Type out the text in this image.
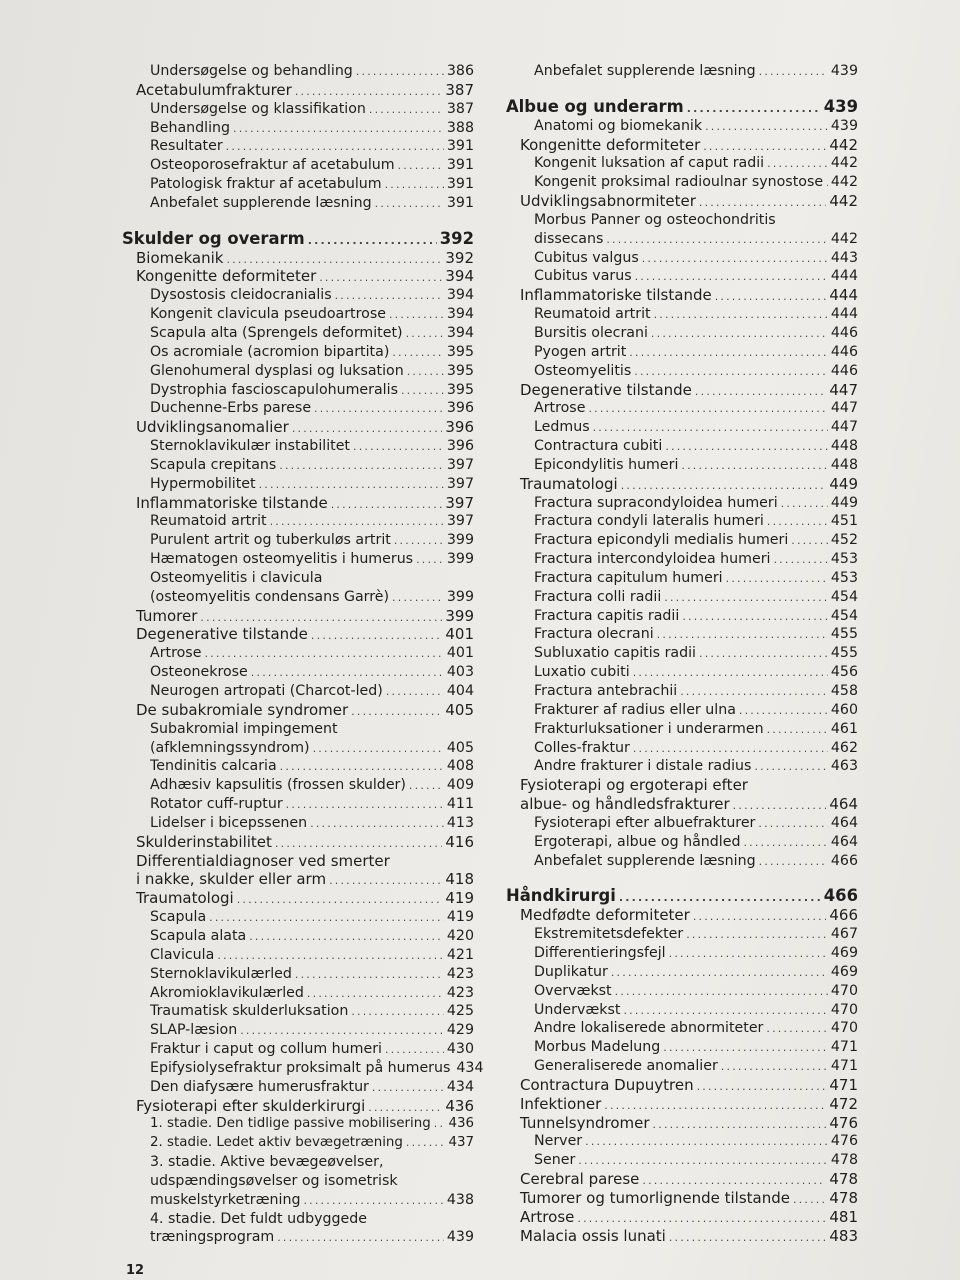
Undersøgelse og behandling .....	386
Acetabulumfrakturer .....	387
Undersøgelse og klassifikation .....	387
Behandling .....	388
Resultater .....	391
Osteoporosefraktur af acetabulum .....	391
Patologisk fraktur af acetabulum .....	391
Anbefalet supplerende læsning .....	391
Skulder og overarm .....	392
Biomekanik .....	392
Kongenitte deformiteter .....	394
Dysostosis cleidocranialis .....	394
Kongenit clavicula pseudoartrose .....	394
Scapula alta (Sprengels deformitet) .....	394
Os acromiale (acromion bipartita) .....	395
Glenohumeral dysplasi og luksation .....	395
Dystrophia fascioscapulohumeralis .....	395
Duchenne-Erbs parese .....	396
Udviklingsanomalier .....	396
Sternoklavikulær instabilitet .....	396
Scapula crepitans .....	397
Hypermobilitet .....	397
Inflammatoriske tilstande .....	397
Reumatoid artrit .....	397
Purulent artrit og tuberkuløs artrit .....	399
Hæmatogen osteomyelitis i humerus ..... 399
Osteomyelitis i clavicula
(osteomyelitis condensans Garrè) .....	399
Tumorer .....	399
Degenerative tilstande .....	401
Artrose .....	401
Osteonekrose .....	403
Neurogen artropati (Charcot-led) .....	404
De subakromiale syndromer .....	405
Subakromial impingement
(afklemningssyndrom) .....	405
Tendinitis calcaria .....	408
Adhæsiv kapsulitis (frossen skulder) .....	409
Rotator cuff-ruptur .....	411
Lidelser i bicepssenen .....	413
Skulderinstabilitet .....	416
Differentialdiagnoser ved smerter
i nakke, skulder eller arm .....	418
Traumatologi .....	419
Scapula .....	419
Scapula alata .....	420
Clavicula .....	421
Sternoklavikulærled .....	423
Akromioklavikulærled .....	423
Traumatisk skulderluksation .....	425
SLAP-læsion .....	429
Fraktur i caput og collum humeri .....	430
Epifysiolysefraktur proksimalt på humerus 434
Den diafysære humerusfraktur .....	434
Fysioterapi efter skulderkirurgi .....	436
1. stadie. Den tidlige passive mobilisering ..... 436
2. stadie. Ledet aktiv bevægetræning .....	437
3. stadie. Aktive bevægeøvelser,
udspændingsøvelser og isometrisk
muskelstyrketræning .....	438
4. stadie. Det fuldt udbyggede
træningsprogram .....	439
Anbefalet supplerende læsning .....	439
Albue og underarm .....	439
Anatomi og biomekanik .....	439
Kongenitte deformiteter .....	442
Kongenit luksation af caput radii .....	442
Kongenit proksimal radioulnar synostose ..... 442
Udviklingsabnormiteter .....	442
Morbus Panner og osteochondritis
dissecans .....	442
Cubitus valgus .....	443
Cubitus varus .....	444
Inflammatoriske tilstande .....	444
Reumatoid artrit .....	444
Bursitis olecrani .....	446
Pyogen artrit .....	446
Osteomyelitis .....	446
Degenerative tilstande .....	447
Artrose .....	447
Ledmus .....	447
Contractura cubiti .....	448
Epicondylitis humeri .....	448
Traumatologi .....	449
Fractura supracondyloidea humeri .....	449
Fractura condyli lateralis humeri .....	451
Fractura epicondyli medialis humeri .....	452
Fractura intercondyloidea humeri .....	453
Fractura capitulum humeri .....	453
Fractura colli radii .....	454
Fractura capitis radii .....	454
Fractura olecrani .....	455
Subluxatio capitis radii .....	455
Luxatio cubiti .....	456
Fractura antebrachii .....	458
Frakturer af radius eller ulna .....	460
Frakturluksationer i underarmen .....	461
Colles-fraktur .....	462
Andre frakturer i distale radius .....	463
Fysioterapi og ergoterapi efter
albue- og håndledsfrakturer .....	464
Fysioterapi efter albuefrakturer .....	464
Ergoterapi, albue og håndled .....	464
Anbefalet supplerende læsning .....	466
Håndkirurgi .....	466
Medfødte deformiteter .....	466
Ekstremitetsdefekter .....	467
Differentieringsfejl .....	469
Duplikatur .....	469
Overvækst .....	470
Undervækst .....	470
Andre lokaliserede abnormiteter .....	470
Morbus Madelung .....	471
Generaliserede anomalier .....	471
Contractura Dupuytren .....	471
Infektioner .....	472
Tunnelsyndromer .....	476
Nerver .....	476
Sener .....	478
Cerebral parese .....	478
Tumorer og tumorlignende tilstande .....	478
Artrose .....	481
Malacia ossis lunati .....	483
12
